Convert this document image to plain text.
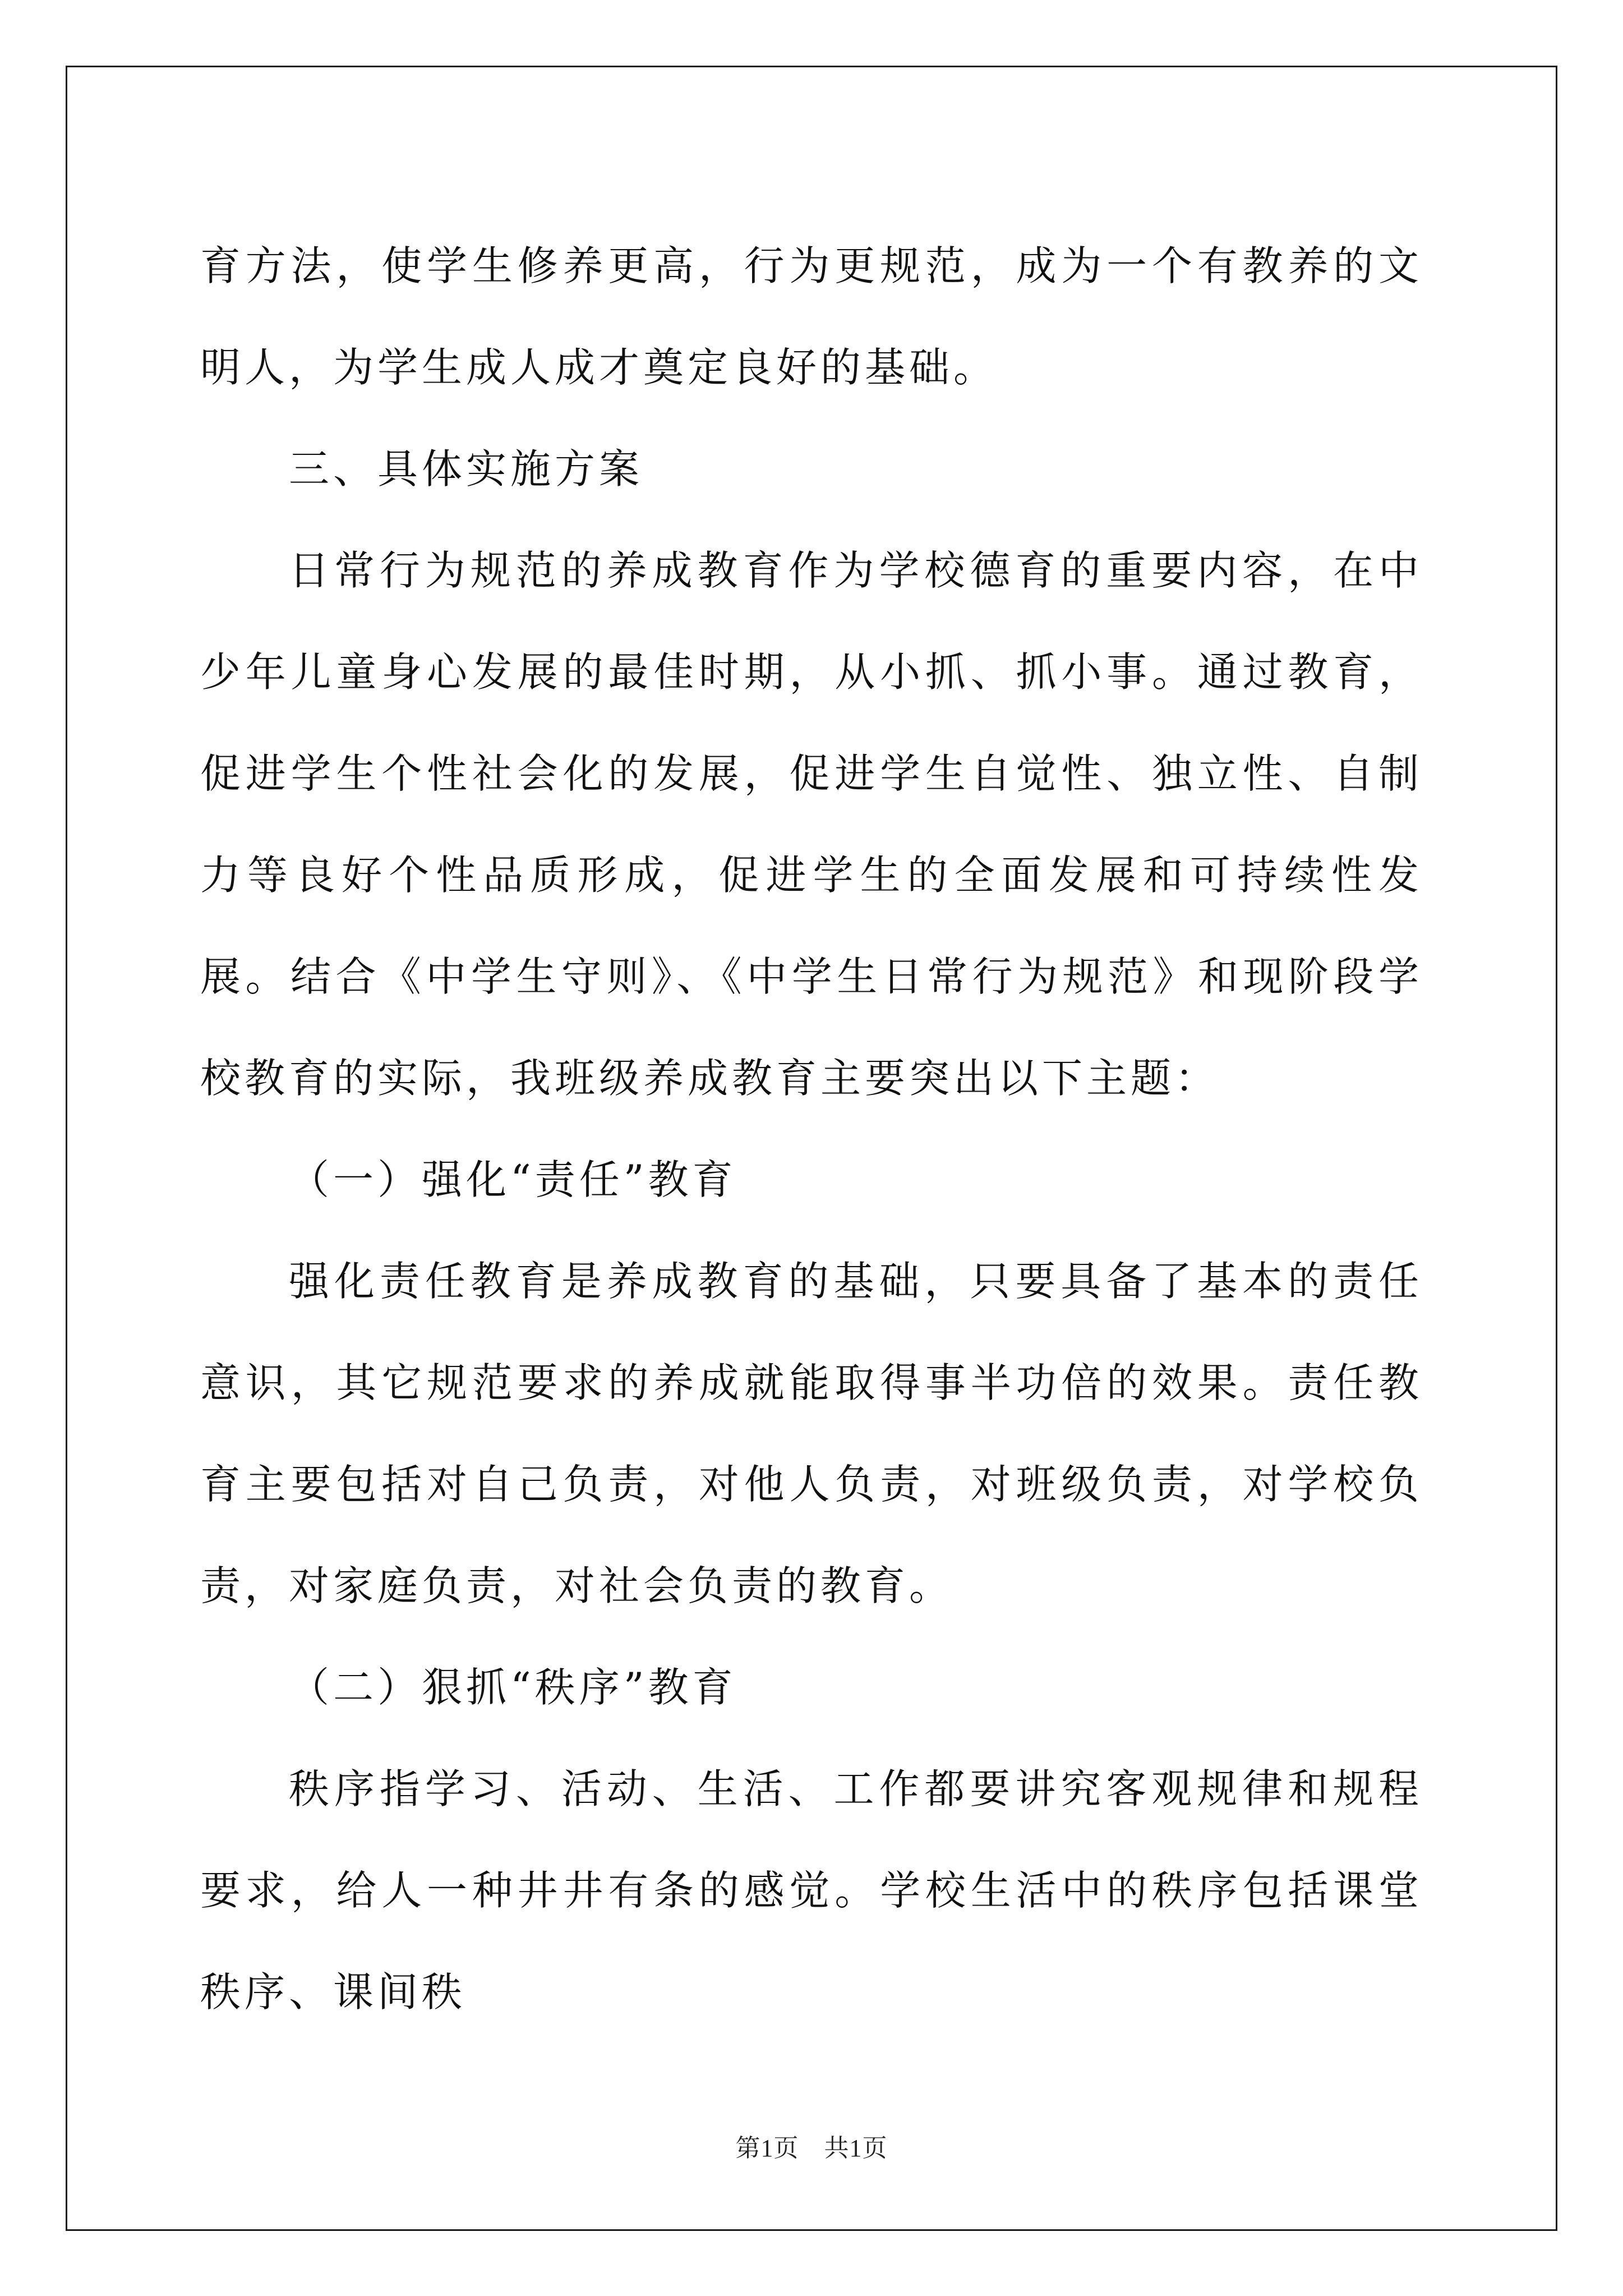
育方法，使学生修养更高，行为更规范，成为一个有教养的文明人，为学生成人成才奠定良好的基础。

三、具体实施方案

日常行为规范的养成教育作为学校德育的重要内容，在中少年儿童身心发展的最佳时期，从小抓、抓小事。通过教育，促进学生个性社会化的发展，促进学生自觉性、独立性、自制力等良好个性品质形成，促进学生的全面发展和可持续性发展。结合《中学生守则》、《中学生日常行为规范》和现阶段学校教育的实际，我班级养成教育主要突出以下主题：

（一）强化“责任”教育

强化责任教育是养成教育的基础，只要具备了基本的责任意识，其它规范要求的养成就能取得事半功倍的效果。责任教育主要包括对自己负责，对他人负责，对班级负责，对学校负责，对家庭负责，对社会负责的教育。

（二）狠抓“秩序”教育

秩序指学习、活动、生活、工作都要讲究客观规律和规程要求，给人一种井井有条的感觉。学校生活中的秩序包括课堂秩序、课间秩

第1页　共1页
